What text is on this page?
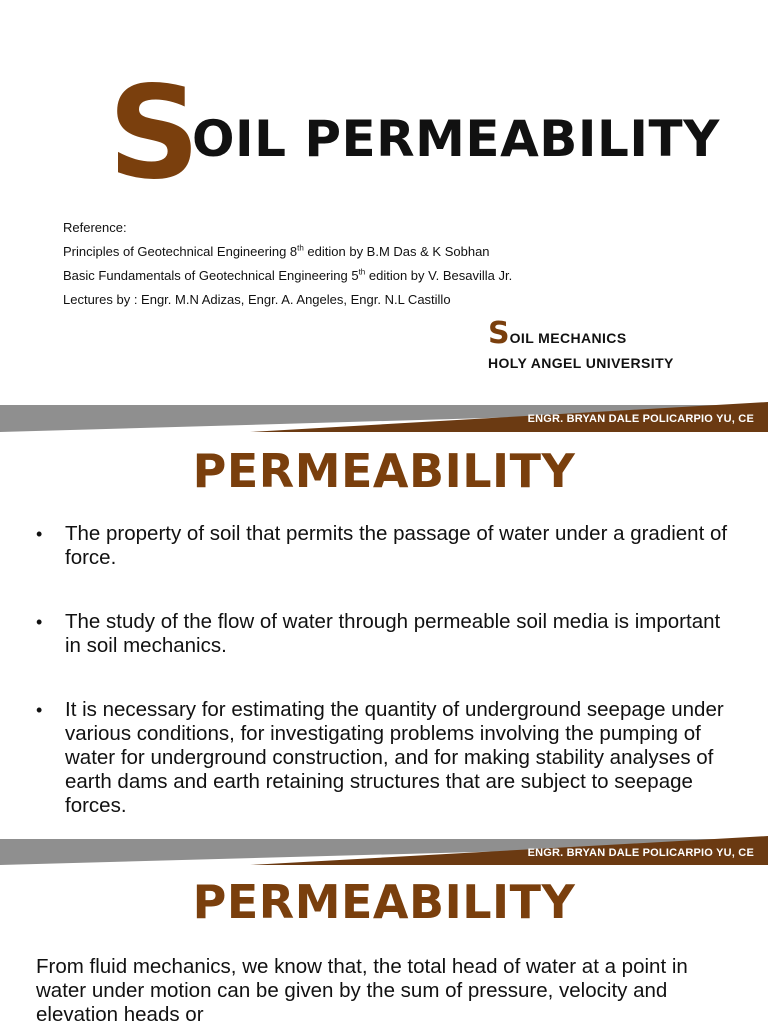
S
OIL PERMEABILITY
Reference:
Principles of Geotechnical Engineering 8th edition by B.M Das & K Sobhan
Basic Fundamentals of Geotechnical Engineering 5th edition by V. Besavilla Jr.
Lectures by : Engr. M.N Adizas, Engr. A. Angeles, Engr. N.L Castillo
SOIL MECHANICS
HOLY ANGEL UNIVERSITY
ENGR. BRYAN DALE POLICARPIO YU, CE
PERMEABILITY
• The property of soil that permits the passage of water under a gradient of force.
• The study of the flow of water through permeable soil media is important in soil mechanics.
• It is necessary for estimating the quantity of underground seepage under various conditions, for investigating problems involving the pumping of water for underground construction, and for making stability analyses of earth dams and earth retaining structures that are subject to seepage forces.
ENGR. BRYAN DALE POLICARPIO YU, CE
PERMEABILITY
From fluid mechanics, we know that, the total head of water at a point in water under motion can be given by the sum of pressure, velocity and elevation heads or
